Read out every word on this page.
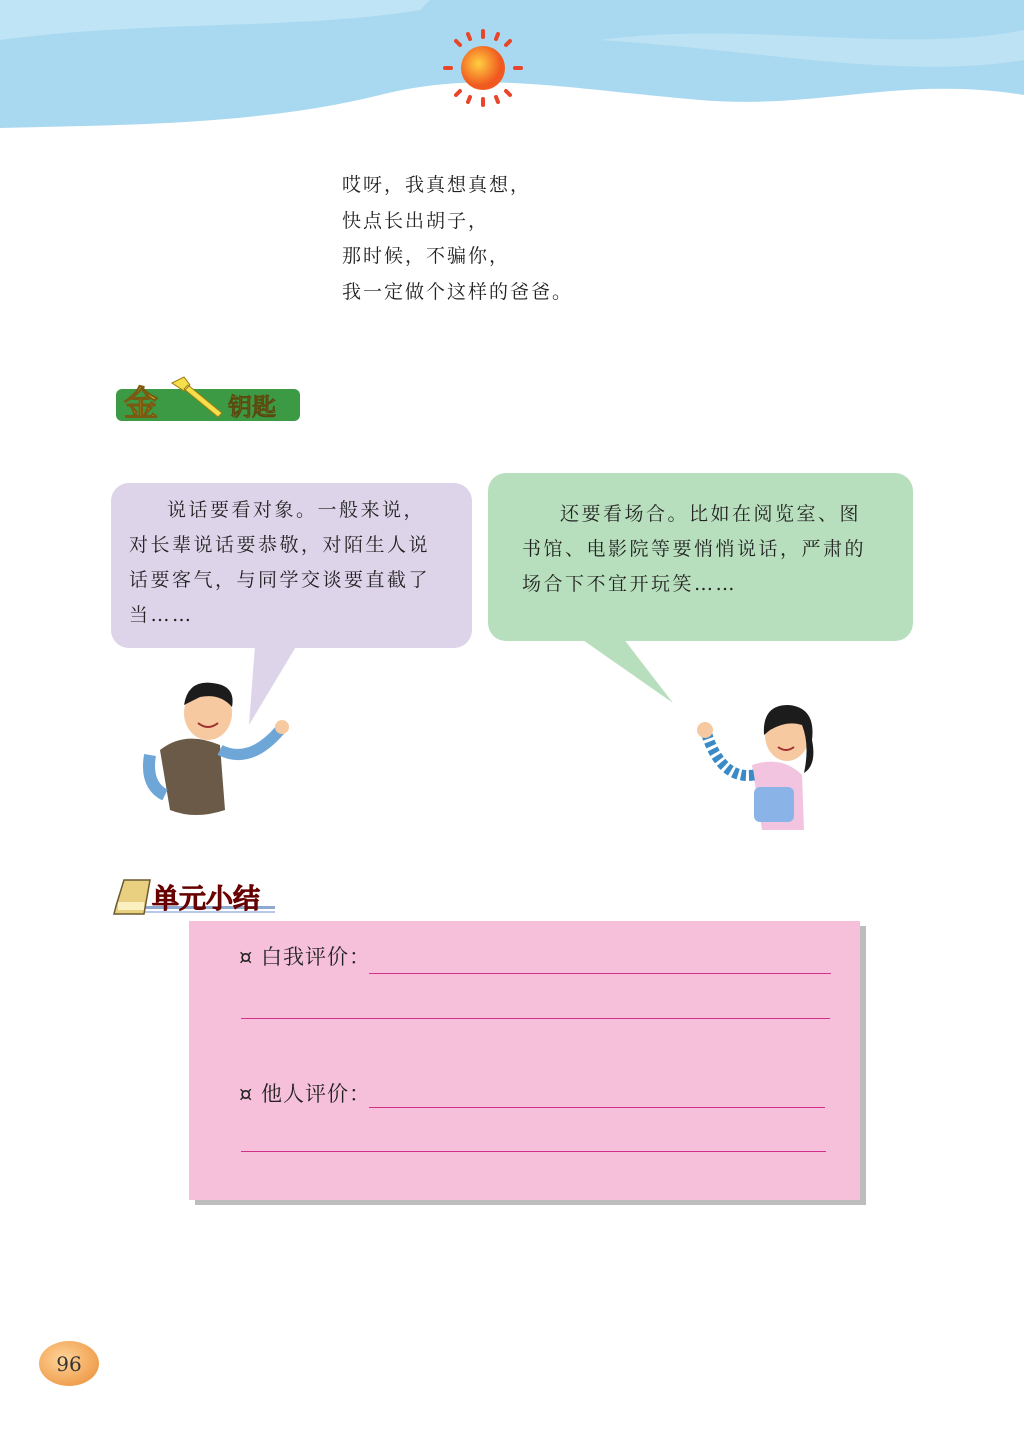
哎呀，我真想真想，
快点长出胡子，
那时候，不骗你，
我一定做个这样的爸爸。
金	钥匙
说话要看对象。一般来说，
对长辈说话要恭敬，对陌生人说
话要客气，与同学交谈要直截了
当……
还要看场合。比如在阅览室、图
书馆、电影院等要悄悄说话，严肃的
场合下不宜开玩笑……
单元小结
¤ 白我评价：
¤ 他人评价：
96
